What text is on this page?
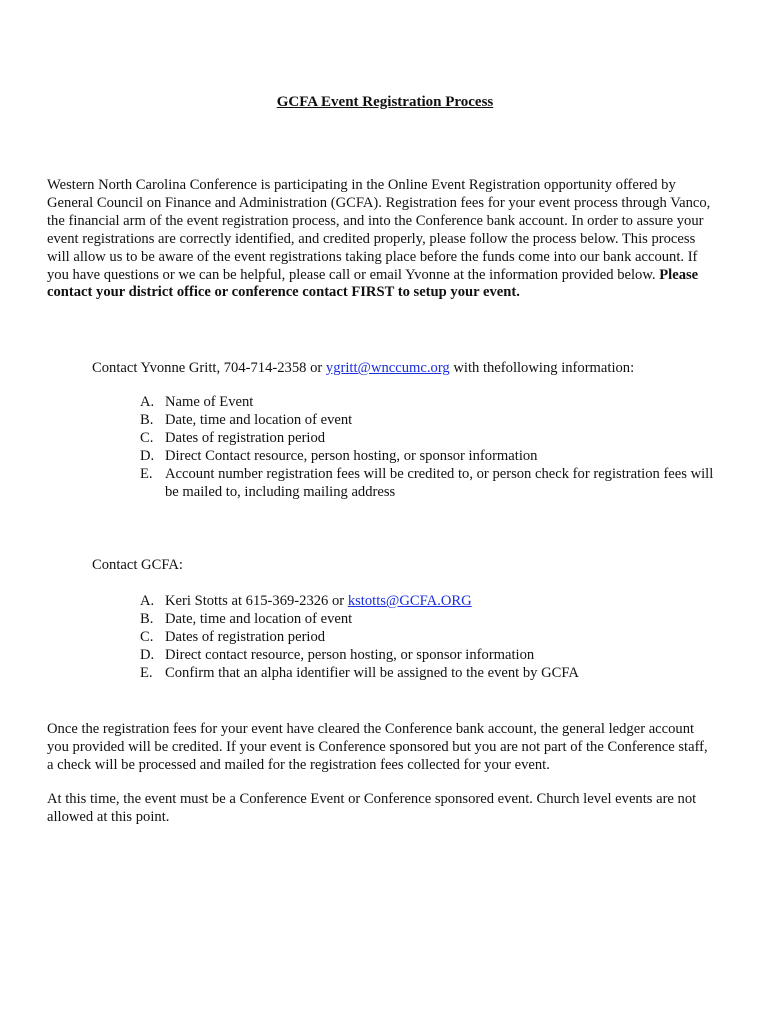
GCFA Event Registration Process

Western North Carolina Conference is participating in the Online Event Registration opportunity offered by General Council on Finance and Administration (GCFA). Registration fees for your event process through Vanco, the financial arm of the event registration process, and into the Conference bank account. In order to assure your event registrations are correctly identified, and credited properly, please follow the process below. This process will allow us to be aware of the event registrations taking place before the funds come into our bank account. If you have questions or we can be helpful, please call or email Yvonne at the information provided below. Please contact your district office or conference contact FIRST to setup your event.

Contact Yvonne Gritt, 704-714-2358 or ygritt@wnccumc.org with thefollowing information:
A. Name of Event
B. Date, time and location of event
C. Dates of registration period
D. Direct Contact resource, person hosting, or sponsor information
E. Account number registration fees will be credited to, or person check for registration fees will be mailed to, including mailing address
Contact GCFA:
A. Keri Stotts at 615-369-2326 or kstotts@GCFA.ORG
B. Date, time and location of event
C. Dates of registration period
D. Direct contact resource, person hosting, or sponsor information
E. Confirm that an alpha identifier will be assigned to the event by GCFA

Once the registration fees for your event have cleared the Conference bank account, the general ledger account you provided will be credited. If your event is Conference sponsored but you are not part of the Conference staff, a check will be processed and mailed for the registration fees collected for your event.

At this time, the event must be a Conference Event or Conference sponsored event. Church level events are not allowed at this point.
